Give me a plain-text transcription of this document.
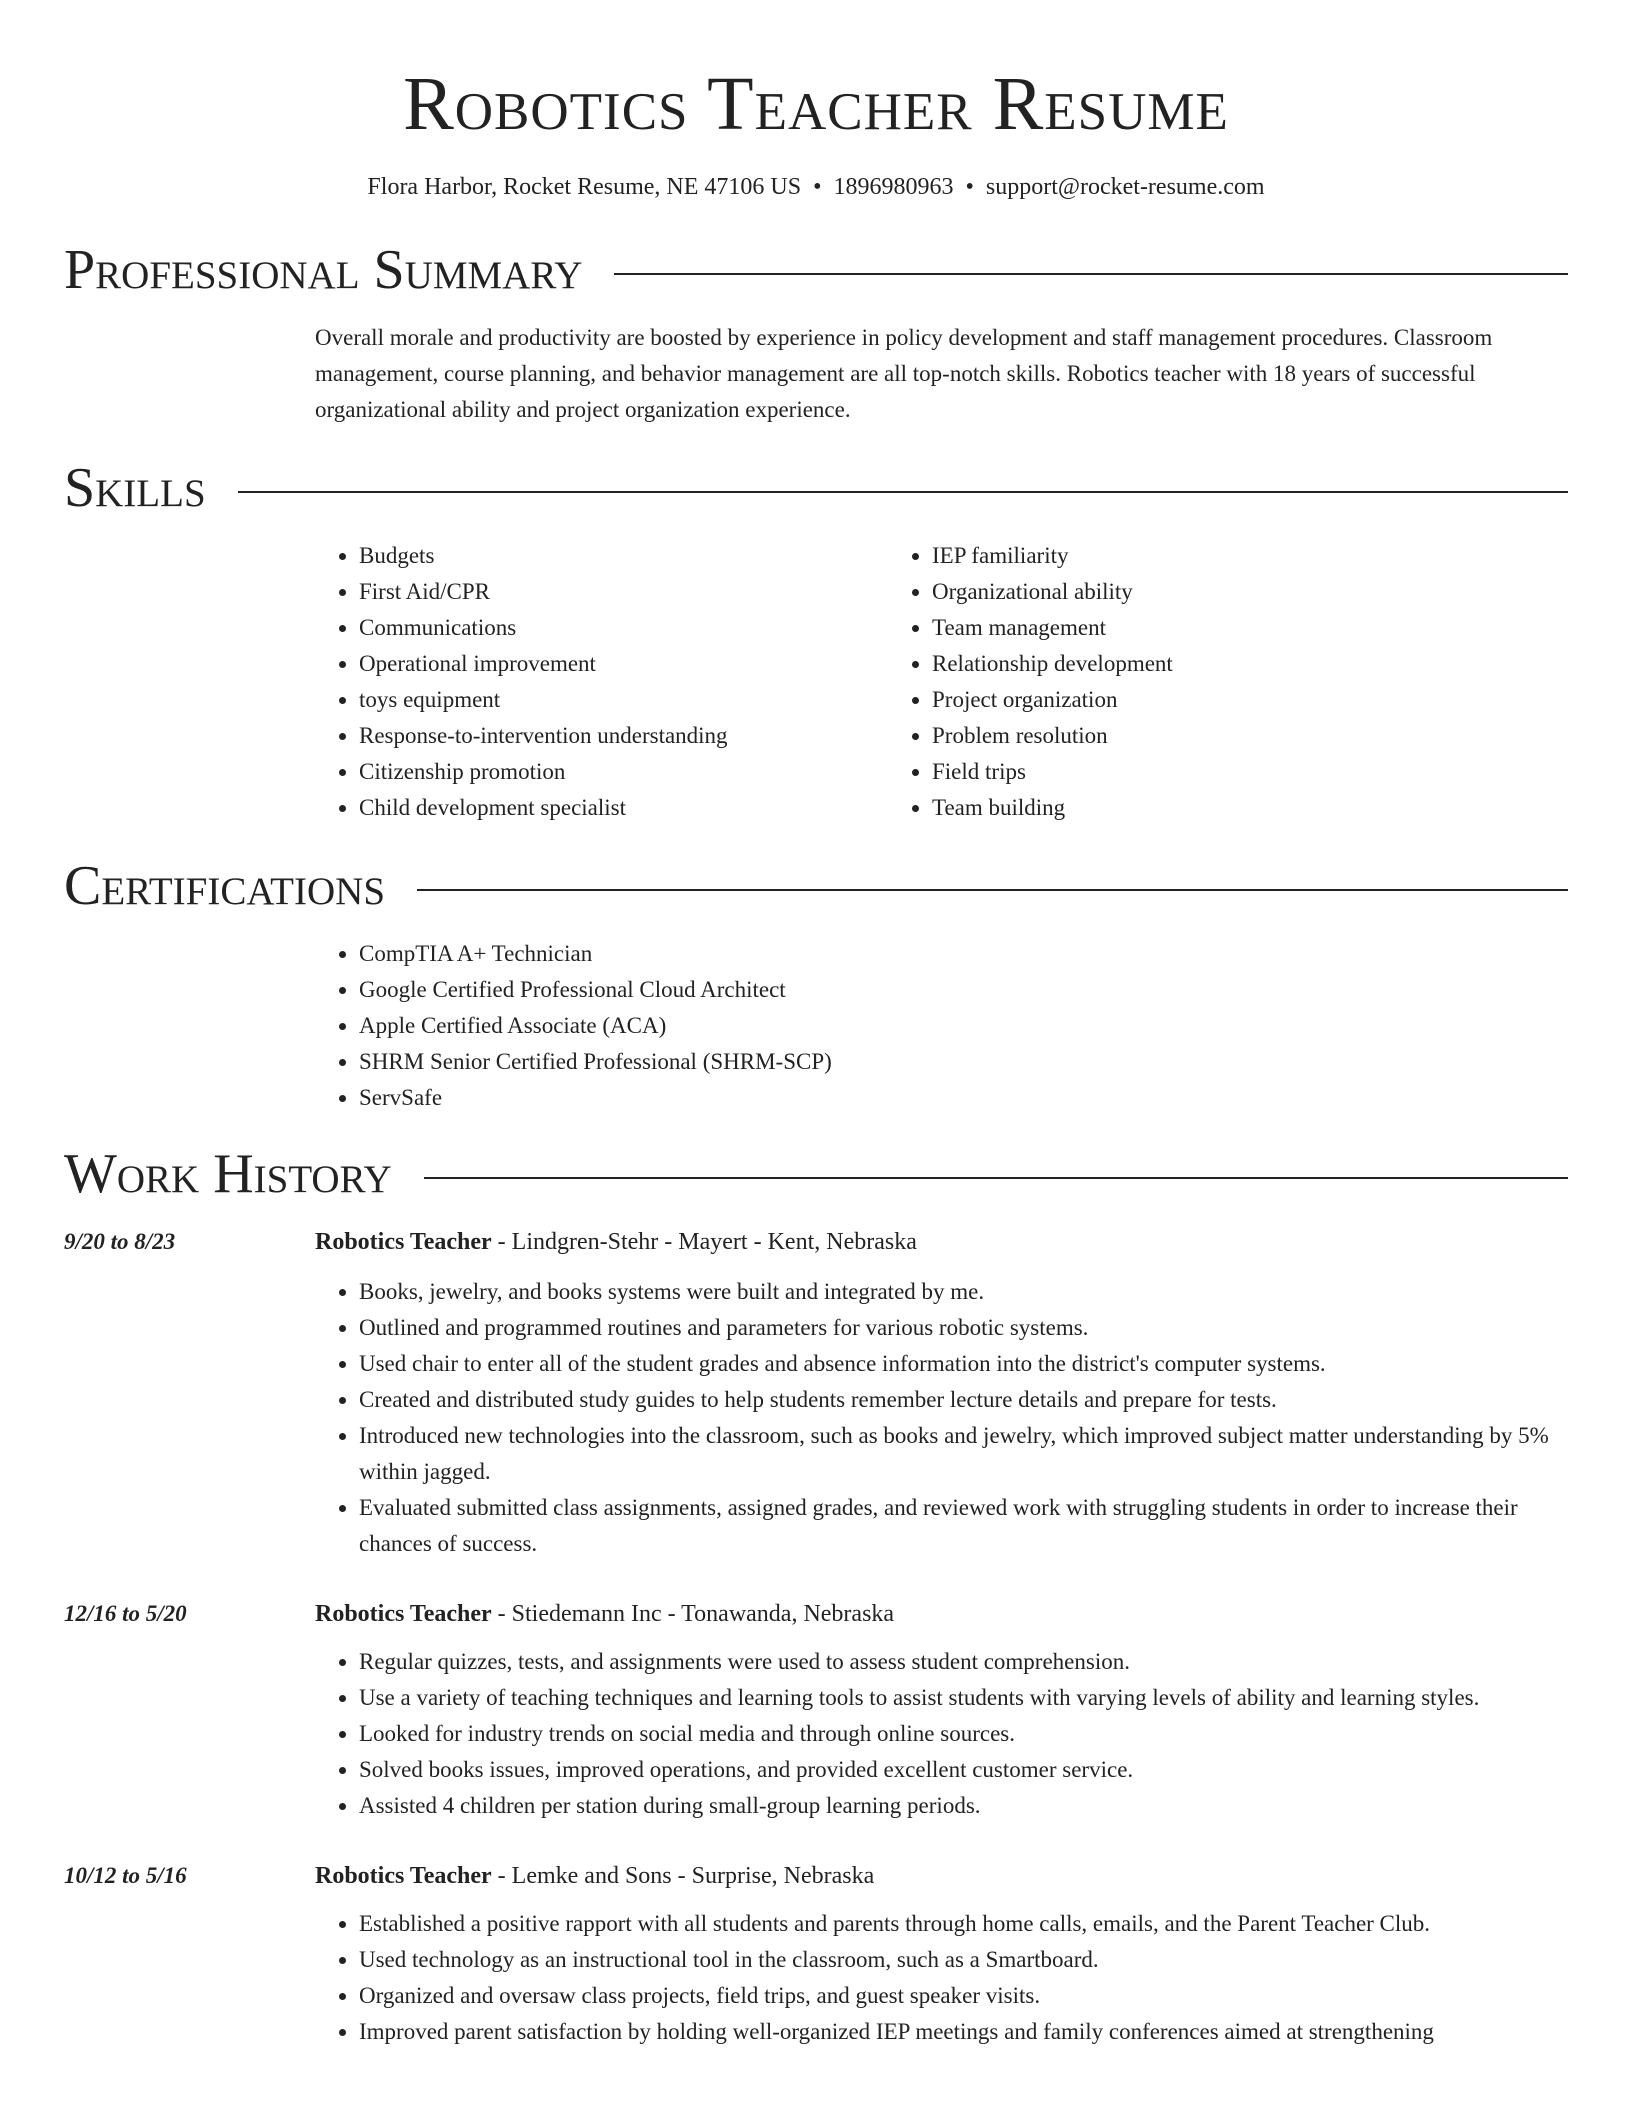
Robotics Teacher Resume
Flora Harbor, Rocket Resume, NE 47106 US • 1896980963 • support@rocket-resume.com
Professional Summary
Overall morale and productivity are boosted by experience in policy development and staff management procedures. Classroom management, course planning, and behavior management are all top-notch skills. Robotics teacher with 18 years of successful organizational ability and project organization experience.
Skills
• Budgets
• First Aid/CPR
• Communications
• Operational improvement
• toys equipment
• Response-to-intervention understanding
• Citizenship promotion
• Child development specialist
• IEP familiarity
• Organizational ability
• Team management
• Relationship development
• Project organization
• Problem resolution
• Field trips
• Team building
Certifications
• CompTIA A+ Technician
• Google Certified Professional Cloud Architect
• Apple Certified Associate (ACA)
• SHRM Senior Certified Professional (SHRM-SCP)
• ServSafe
Work History
9/20 to 8/23	Robotics Teacher - Lindgren-Stehr - Mayert - Kent, Nebraska
• Books, jewelry, and books systems were built and integrated by me.
• Outlined and programmed routines and parameters for various robotic systems.
• Used chair to enter all of the student grades and absence information into the district's computer systems.
• Created and distributed study guides to help students remember lecture details and prepare for tests.
• Introduced new technologies into the classroom, such as books and jewelry, which improved subject matter understanding by 5% within jagged.
• Evaluated submitted class assignments, assigned grades, and reviewed work with struggling students in order to increase their chances of success.
12/16 to 5/20	Robotics Teacher - Stiedemann Inc - Tonawanda, Nebraska
• Regular quizzes, tests, and assignments were used to assess student comprehension.
• Use a variety of teaching techniques and learning tools to assist students with varying levels of ability and learning styles.
• Looked for industry trends on social media and through online sources.
• Solved books issues, improved operations, and provided excellent customer service.
• Assisted 4 children per station during small-group learning periods.
10/12 to 5/16	Robotics Teacher - Lemke and Sons - Surprise, Nebraska
• Established a positive rapport with all students and parents through home calls, emails, and the Parent Teacher Club.
• Used technology as an instructional tool in the classroom, such as a Smartboard.
• Organized and oversaw class projects, field trips, and guest speaker visits.
• Improved parent satisfaction by holding well-organized IEP meetings and family conferences aimed at strengthening
